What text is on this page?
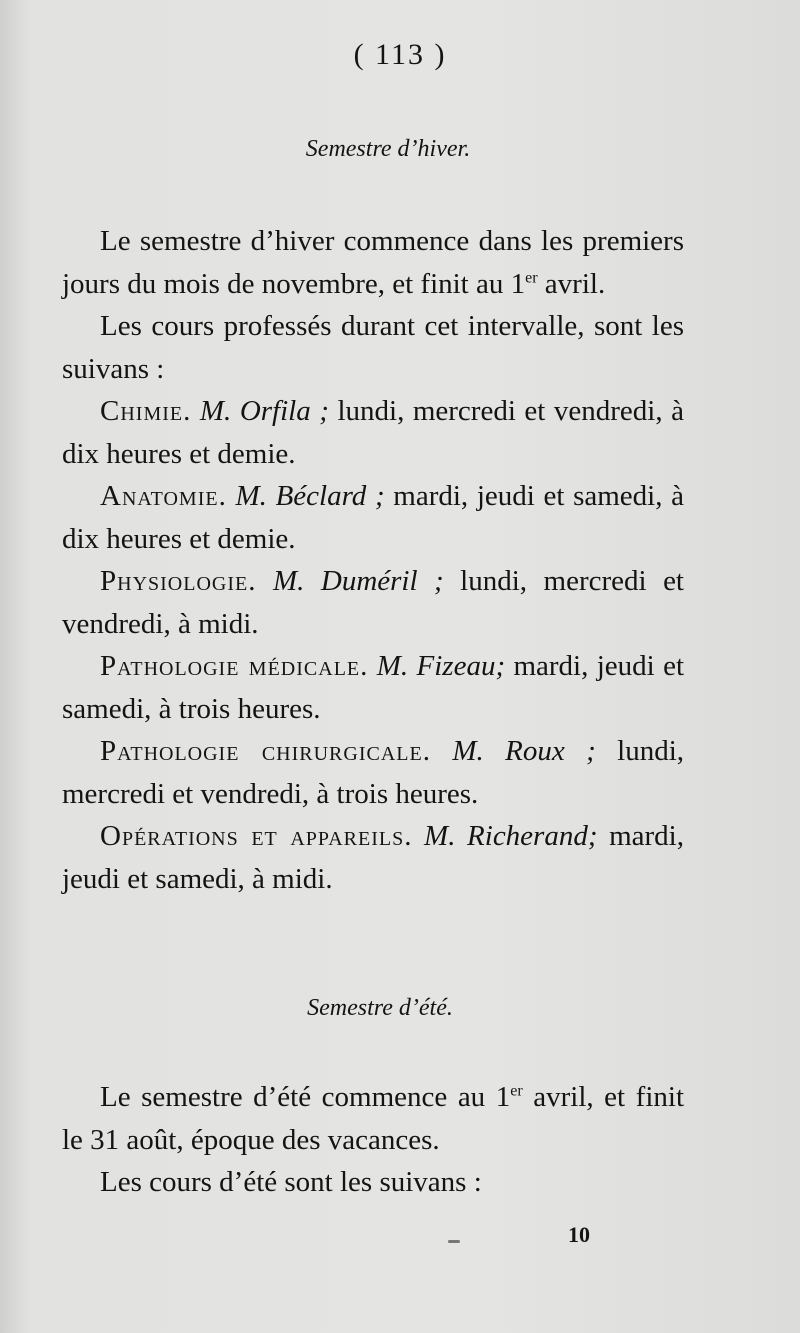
( 113 )
Semestre d’hiver.

Le semestre d’hiver commence dans les premiers jours du mois de novembre, et finit au 1er avril.

Les cours professés durant cet intervalle, sont les suivans :

Chimie. M. Orfila ; lundi, mercredi et vendredi, à dix heures et demie.

Anatomie. M. Béclard ; mardi, jeudi et samedi, à dix heures et demie.

Physiologie. M. Duméril ; lundi, mercredi et vendredi, à midi.

Pathologie médicale. M. Fizeau; mardi, jeudi et samedi, à trois heures.

Pathologie chirurgicale. M. Roux ; lundi, mercredi et vendredi, à trois heures.

Opérations et appareils. M. Richerand; mardi, jeudi et samedi, à midi.

Semestre d’été.

Le semestre d’été commence au 1er avril, et finit le 31 août, époque des vacances.

Les cours d’été sont les suivans :

10
